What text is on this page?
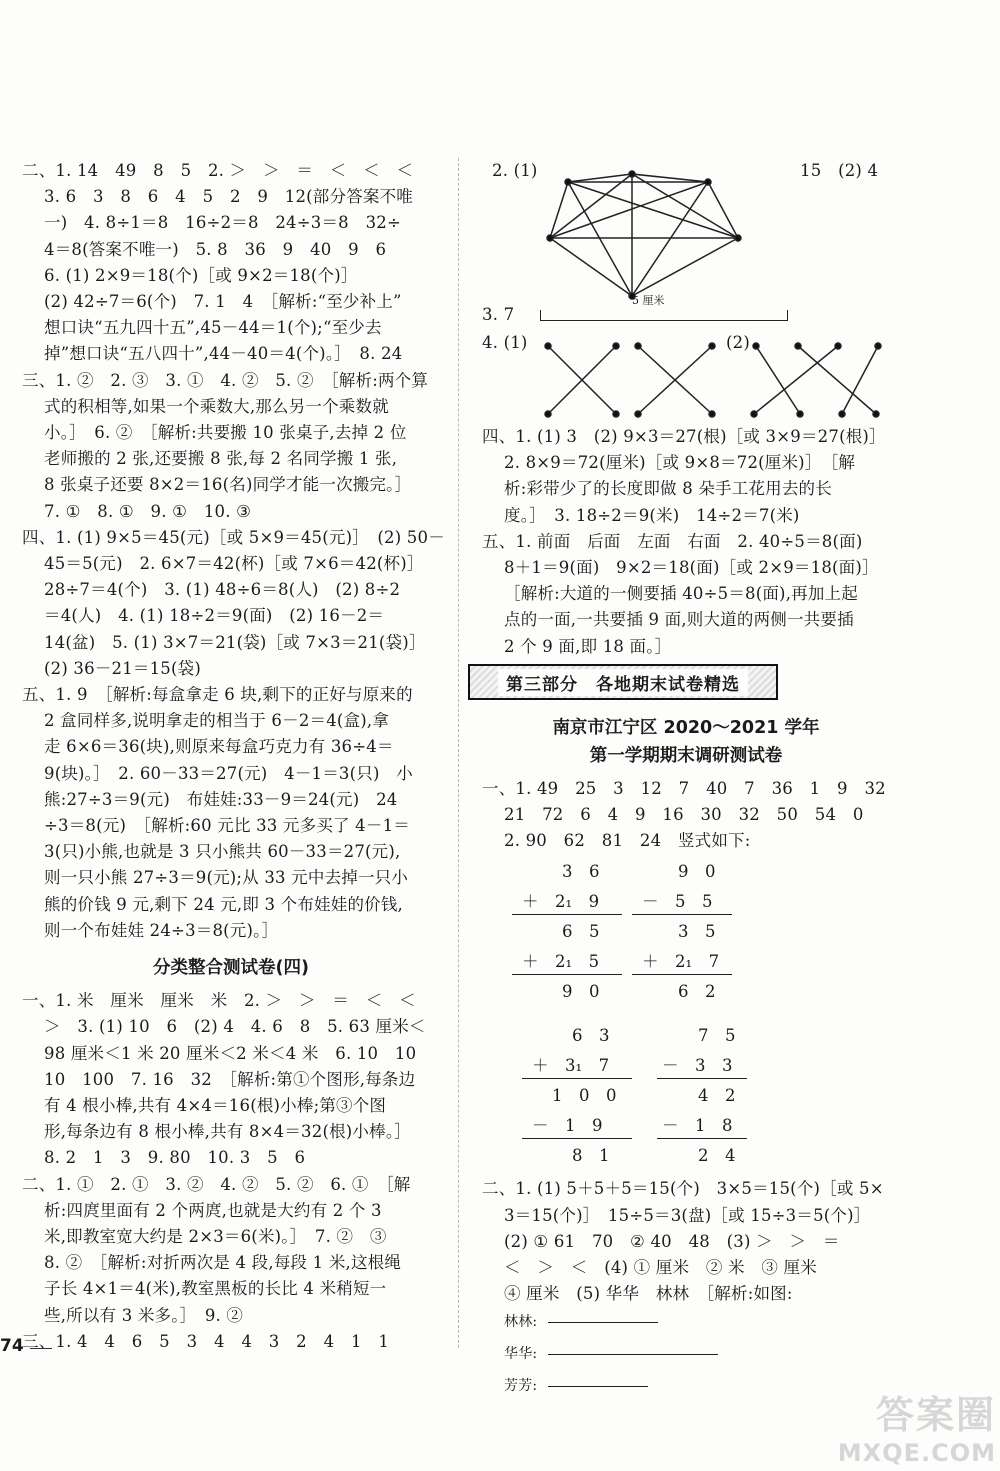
二、1. 14　49　8　5　2. ＞　＞　＝　＜　＜　＜
3. 6　3　8　6　4　5　2　9　12(部分答案不唯
一)　4. 8÷1＝8　16÷2＝8　24÷3＝8　32÷
4＝8(答案不唯一)　5. 8　36　9　40　9　6
6. (1) 2×9＝18(个)［或 9×2＝18(个)］
(2) 42÷7＝6(个)　7. 1　4　［解析:“至少补上”
想口诀“五九四十五”,45－44＝1(个);“至少去
掉”想口诀“五八四十”,44－40＝4(个)。］　8. 24
三、1. ②　2. ③　3. ①　4. ②　5. ②　［解析:两个算
式的积相等,如果一个乘数大,那么另一个乘数就
小。］　6. ②　［解析:共要搬 10 张桌子,去掉 2 位
老师搬的 2 张,还要搬 8 张,每 2 名同学搬 1 张,
8 张桌子还要 8×2＝16(名)同学才能一次搬完。］
7. ①　8. ①　9. ①　10. ③
四、1. (1) 9×5＝45(元)［或 5×9＝45(元)］　(2) 50－
45＝5(元)　2. 6×7＝42(杯)［或 7×6＝42(杯)］
28÷7＝4(个)　3. (1) 48÷6＝8(人)　(2) 8÷2
＝4(人)　4. (1) 18÷2＝9(面)　(2) 16－2＝
14(盆)　5. (1) 3×7＝21(袋)［或 7×3＝21(袋)］
(2) 36－21＝15(袋)
五、1. 9　［解析:每盒拿走 6 块,剩下的正好与原来的
2 盒同样多,说明拿走的相当于 6－2＝4(盒),拿
走 6×6＝36(块),则原来每盒巧克力有 36÷4＝
9(块)。］　2. 60－33＝27(元)　4－1＝3(只)　小
熊:27÷3＝9(元)　布娃娃:33－9＝24(元)　24
÷3＝8(元)　［解析:60 元比 33 元多买了 4－1＝
3(只)小熊,也就是 3 只小熊共 60－33＝27(元),
则一只小熊 27÷3＝9(元);从 33 元中去掉一只小
熊的价钱 9 元,剩下 24 元,即 3 个布娃娃的价钱,
则一个布娃娃 24÷3＝8(元)。］
分类整合测试卷(四)
一、1. 米　厘米　厘米　米　2. ＞　＞　＝　＜　＜
＞　3. (1) 10　6　(2) 4　4. 6　8　5. 63 厘米＜
98 厘米＜1 米 20 厘米＜2 米＜4 米　6. 10　10
10　100　7. 16　32　［解析:第①个图形,每条边
有 4 根小棒,共有 4×4＝16(根)小棒;第③个图
形,每条边有 8 根小棒,共有 8×4＝32(根)小棒。］
8. 2　1　3　9. 80　10. 3　5　6
二、1. ①　2. ①　3. ②　4. ②　5. ②　6. ①　［解
析:四庹里面有 2 个两庹,也就是大约有 2 个 3
米,即教室宽大约是 2×3＝6(米)。］　7. ②　③
8. ②　［解析:对折两次是 4 段,每段 1 米,这根绳
子长 4×1＝4(米),教室黑板的长比 4 米稍短一
些,所以有 3 米多。］　9. ②
三、1. 4　4　6　5　3　4　4　3　2　4　1　1
74
2. (1)	15　(2) 4
3. 7
5 厘米
4. (1)	(2)
四、1. (1) 3　(2) 9×3＝27(根)［或 3×9＝27(根)］
2. 8×9＝72(厘米)［或 9×8＝72(厘米)］　［解
析:彩带少了的长度即做 8 朵手工花用去的长
度。］　3. 18÷2＝9(米)　14÷2＝7(米)
五、1. 前面　后面　左面　右面　2. 40÷5＝8(面)
8＋1＝9(面)　9×2＝18(面)［或 2×9＝18(面)］
［解析:大道的一侧要插 40÷5＝8(面),再加上起
点的一面,一共要插 9 面,则大道的两侧一共要插
2 个 9 面,即 18 面。］
第三部分　各地期末试卷精选
南京市江宁区 2020～2021 学年
第一学期期末调研测试卷
一、1. 49　25　3　12　7　40　7　36　1　9　32
21　72　6　4　9　16　30　32　50　54　0
2. 90　62　81　24　竖式如下:
3　6
＋　2₁　9
6　5
＋　2₁　5
9　0
9　0
－　5　5
3　5
＋　2₁　7
6　2
6　3
＋　3₁　7
1　0　0
－　1　9
8　1
7　5
－　3　3
4　2
－　1　8
2　4
二、1. (1) 5＋5＋5＝15(个)　3×5＝15(个)［或 5×
3＝15(个)］　15÷5＝3(盘)［或 15÷3＝5(个)］
(2) ① 61　70　② 40　48　(3) ＞　＞　＝
＜　＞　＜　(4) ① 厘米　② 米　③ 厘米
④ 厘米　(5) 华华　林林　［解析:如图:
林林:
华华:
芳芳:
答案圈
MXQE.COM
